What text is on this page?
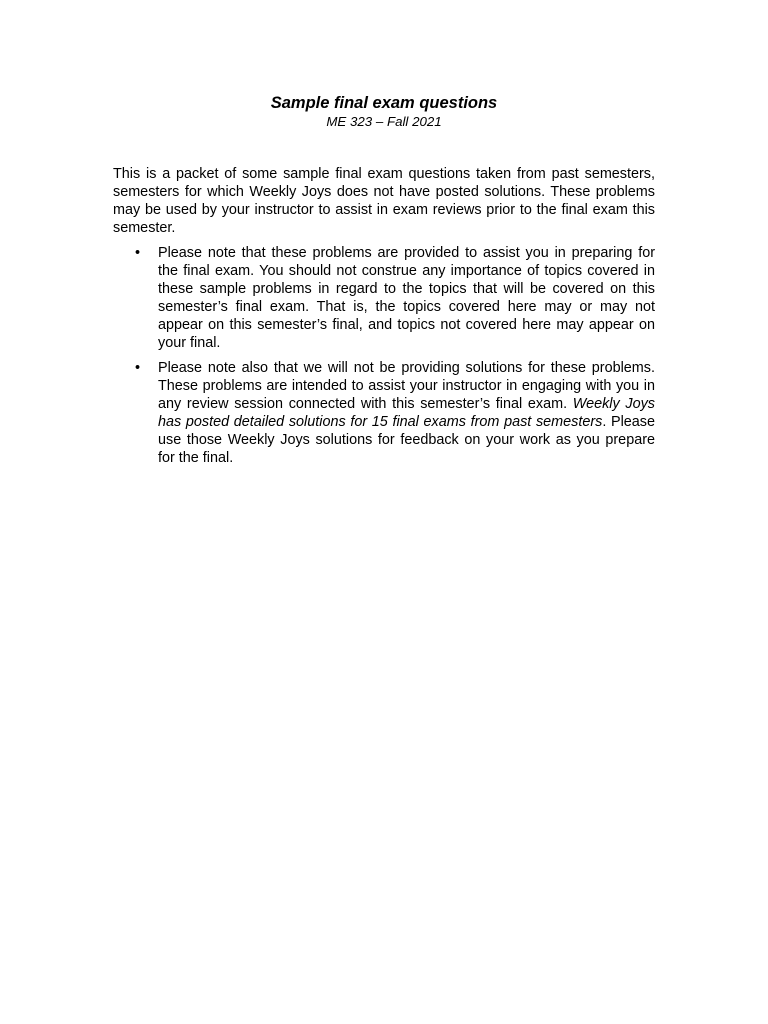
Sample final exam questions
ME 323 – Fall 2021

This is a packet of some sample final exam questions taken from past semesters, semesters for which Weekly Joys does not have posted solutions. These problems may be used by your instructor to assist in exam reviews prior to the final exam this semester.

• Please note that these problems are provided to assist you in preparing for the final exam. You should not construe any importance of topics covered in these sample problems in regard to the topics that will be covered on this semester’s final exam. That is, the topics covered here may or may not appear on this semester’s final, and topics not covered here may appear on your final.
• Please note also that we will not be providing solutions for these problems. These problems are intended to assist your instructor in engaging with you in any review session connected with this semester’s final exam. Weekly Joys has posted detailed solutions for 15 final exams from past semesters. Please use those Weekly Joys solutions for feedback on your work as you prepare for the final.
